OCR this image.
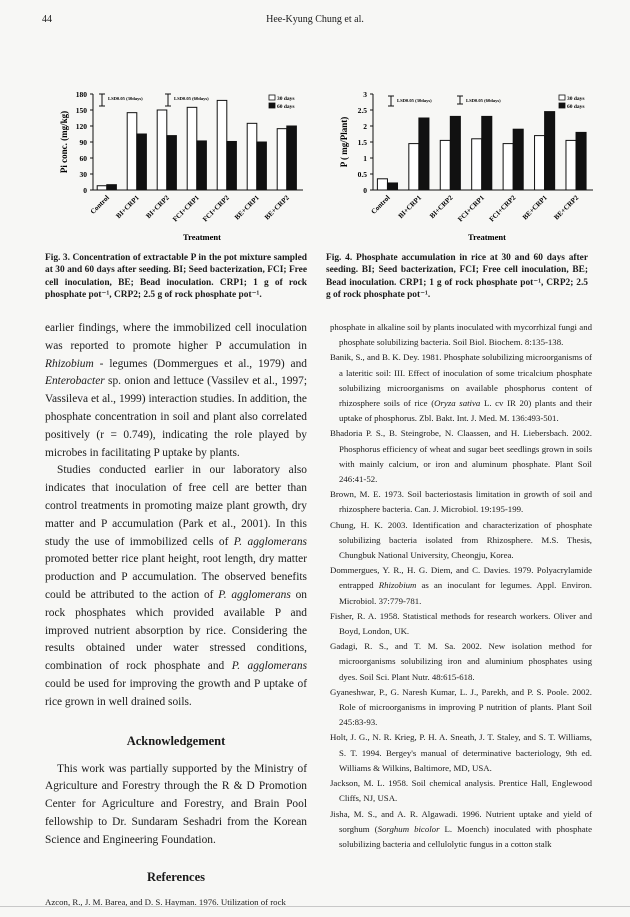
44	Hee-Kyung Chung et al.
0
30
60
90
120
150
180
Pi conc. (mg/kg)
Control BI+CRP1 BI+CRP2 FCI+CRP1 FCI+CRP2 BE+CRP1 BE+CRP2
Treatment
LSD0.05 (30days)	LSD0.05 (60days)	30 days
60 days
0
0.5
1
1.5
2
2.5
3
P ( mg/Plant)
Control BI+CRP1 BI+CRP2 FCI+CRP1 FCI+CRP2 BE+CRP1 BE+CRP2
Treatment
LSD0.05 (30days)	LSD0.05 (60days)	30 days
60 days
Fig. 3. Concentration of extractable P in the pot mixture sampled at 30 and 60 days after seeding. BI; Seed bacterization, FCI; Free cell inoculation, BE; Bead inoculation. CRP1; 1 g of rock phosphate pot⁻¹, CRP2; 2.5 g of rock phosphate pot⁻¹.
Fig. 4. Phosphate accumulation in rice at 30 and 60 days after seeding. BI; Seed bacterization, FCI; Free cell inoculation, BE; Bead inoculation. CRP1; 1 g of rock phosphate pot⁻¹, CRP2; 2.5 g of rock phosphate pot⁻¹.

earlier findings, where the immobilized cell inoculation was reported to promote higher P accumulation in Rhizobium - legumes (Dommergues et al., 1979) and Enterobacter sp. onion and lettuce (Vassilev et al., 1997; Vassileva et al., 1999) interaction studies. In addition, the phosphate concentration in soil and plant also correlated positively (r = 0.749), indicating the role played by microbes in facilitating P uptake by plants.

Studies conducted earlier in our laboratory also indicates that inoculation of free cell are better than control treatments in promoting maize plant growth, dry matter and P accumulation (Park et al., 2001). In this study the use of immobilized cells of P. agglomerans promoted better rice plant height, root length, dry matter production and P accumulation. The observed benefits could be attributed to the action of P. agglomerans on rock phosphates which provided available P and improved nutrient absorption by rice. Considering the results obtained under water stressed conditions, combination of rock phosphate and P. agglomerans could be used for improving the growth and P uptake of rice grown in well drained soils.

Acknowledgement

This work was partially supported by the Ministry of Agriculture and Forestry through the R & D Promotion Center for Agriculture and Forestry, and Brain Pool fellowship to Dr. Sundaram Seshadri from the Korean Science and Engineering Foundation.

References

Azcon, R., J. M. Barea, and D. S. Hayman. 1976. Utilization of rock

phosphate in alkaline soil by plants inoculated with mycorrhizal fungi and phosphate solubilizing bacteria. Soil Biol. Biochem. 8:135-138.

Banik, S., and B. K. Dey. 1981. Phosphate solubilizing microorganisms of a lateritic soil: III. Effect of inoculation of some tricalcium phosphate solubilizing microorganisms on available phosphorus content of rhizosphere soils of rice (Oryza sativa L. cv IR 20) plants and their uptake of phosphorus. Zbl. Bakt. Int. J. Med. M. 136:493-501.

Bhadoria P. S., B. Steingrobe, N. Claassen, and H. Liebersbach. 2002. Phosphorus efficiency of wheat and sugar beet seedlings grown in soils with mainly calcium, or iron and aluminum phosphate. Plant Soil 246:41-52.

Brown, M. E. 1973. Soil bacteriostasis limitation in growth of soil and rhizosphere bacteria. Can. J. Microbiol. 19:195-199.

Chung, H. K. 2003. Identification and characterization of phosphate solubilizing bacteria isolated from Rhizosphere. M.S. Thesis, Chungbuk National University, Cheongju, Korea.

Dommergues, Y. R., H. G. Diem, and C. Davies. 1979. Polyacrylamide entrapped Rhizobium as an inoculant for legumes. Appl. Environ. Microbiol. 37:779-781.

Fisher, R. A. 1958. Statistical methods for research workers. Oliver and Boyd, London, UK.

Gadagi, R. S., and T. M. Sa. 2002. New isolation method for microorganisms solubilizing iron and aluminium phosphates using dyes. Soil Sci. Plant Nutr. 48:615-618.

Gyaneshwar, P., G. Naresh Kumar, L. J., Parekh, and P. S. Poole. 2002. Role of microorganisms in improving P nutrition of plants. Plant Soil 245:83-93.

Holt, J. G., N. R. Krieg, P. H. A. Sneath, J. T. Staley, and S. T. Williams, S. T. 1994. Bergey's manual of determinative bacteriology, 9th ed. Williams & Wilkins, Baltimore, MD, USA.

Jackson, M. L. 1958. Soil chemical analysis. Prentice Hall, Englewood Cliffs, NJ, USA.

Jisha, M. S., and A. R. Algawadi. 1996. Nutrient uptake and yield of sorghum (Sorghum bicolor L. Moench) inoculated with phosphate solubilizing bacteria and cellulolytic fungus in a cotton stalk
